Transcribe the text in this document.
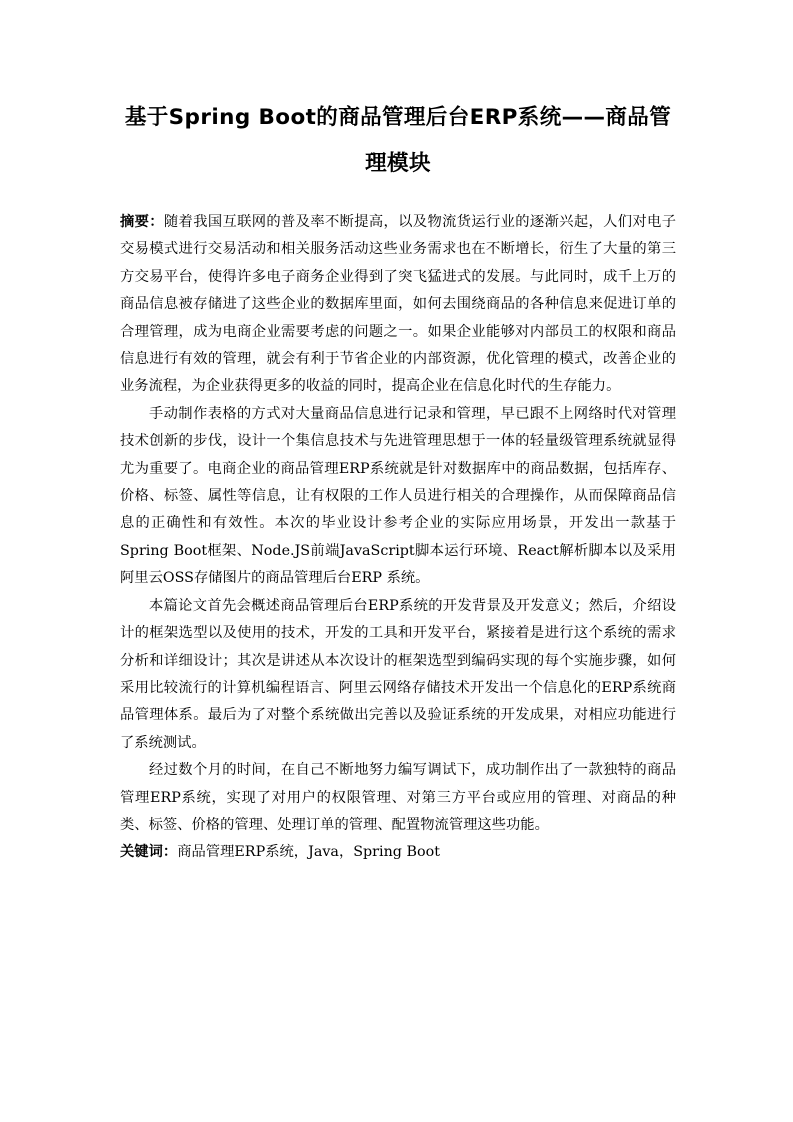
基于Spring Boot的商品管理后台ERP系统——商品管理模块

摘要：随着我国互联网的普及率不断提高，以及物流货运行业的逐渐兴起，人们对电子交易模式进行交易活动和相关服务活动这些业务需求也在不断增长，衍生了大量的第三方交易平台，使得许多电子商务企业得到了突飞猛进式的发展。与此同时，成千上万的商品信息被存储进了这些企业的数据库里面，如何去围绕商品的各种信息来促进订单的合理管理，成为电商企业需要考虑的问题之一。如果企业能够对内部员工的权限和商品信息进行有效的管理，就会有利于节省企业的内部资源，优化管理的模式，改善企业的业务流程，为企业获得更多的收益的同时，提高企业在信息化时代的生存能力。

手动制作表格的方式对大量商品信息进行记录和管理，早已跟不上网络时代对管理技术创新的步伐，设计一个集信息技术与先进管理思想于一体的轻量级管理系统就显得尤为重要了。电商企业的商品管理ERP系统就是针对数据库中的商品数据，包括库存、价格、标签、属性等信息，让有权限的工作人员进行相关的合理操作，从而保障商品信息的正确性和有效性。本次的毕业设计参考企业的实际应用场景，开发出一款基于Spring Boot框架、Node.JS前端JavaScript脚本运行环境、React解析脚本以及采用阿里云OSS存储图片的商品管理后台ERP 系统。

本篇论文首先会概述商品管理后台ERP系统的开发背景及开发意义；然后，介绍设计的框架选型以及使用的技术，开发的工具和开发平台，紧接着是进行这个系统的需求分析和详细设计；其次是讲述从本次设计的框架选型到编码实现的每个实施步骤，如何采用比较流行的计算机编程语言、阿里云网络存储技术开发出一个信息化的ERP系统商品管理体系。最后为了对整个系统做出完善以及验证系统的开发成果，对相应功能进行了系统测试。

经过数个月的时间，在自己不断地努力编写调试下，成功制作出了一款独特的商品管理ERP系统，实现了对用户的权限管理、对第三方平台或应用的管理、对商品的种类、标签、价格的管理、处理订单的管理、配置物流管理这些功能。

关键词：商品管理ERP系统，Java，Spring Boot
